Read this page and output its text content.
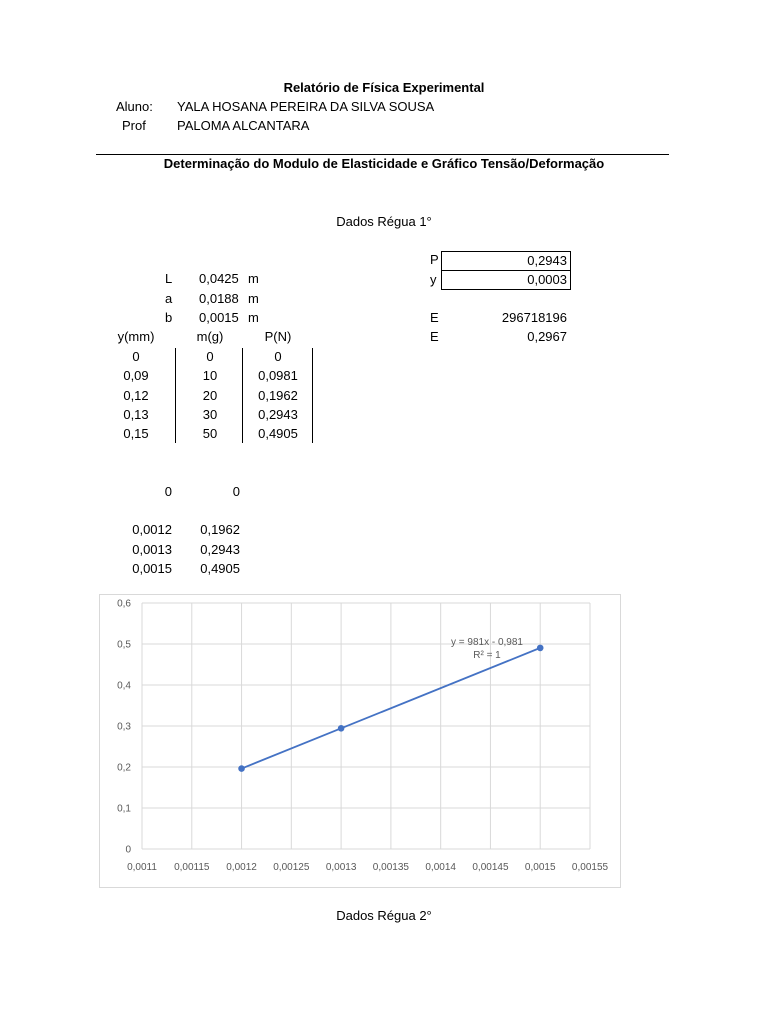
Relatório de Física Experimental
Aluno: YALA HOSANA PEREIRA DA SILVA SOUSA
Prof PALOMA ALCANTARA
Determinação do Modulo de Elasticidade e Gráfico Tensão/Deformação
Dados Régua 1°
L 0,0425 m
a 0,0188 m
b 0,0015 m
y(mm)	m(g)	P(N)
0	0	0
0,09	10	0,0981
0,12	20	0,1962
0,13	30	0,2943
0,15	50	0,4905
P	0,2943
y	0,0003
E	296718196
E	0,2967
0	0
0,0012	0,1962
0,0013	0,2943
0,0015	0,4905
0
0,1
0,2
0,3
0,4
0,5
0,6
0,0011 0,00115 0,0012 0,00125 0,0013 0,00135 0,0014 0,00145 0,0015 0,00155
y = 981x - 0,981
R² = 1
Dados Régua 2°
